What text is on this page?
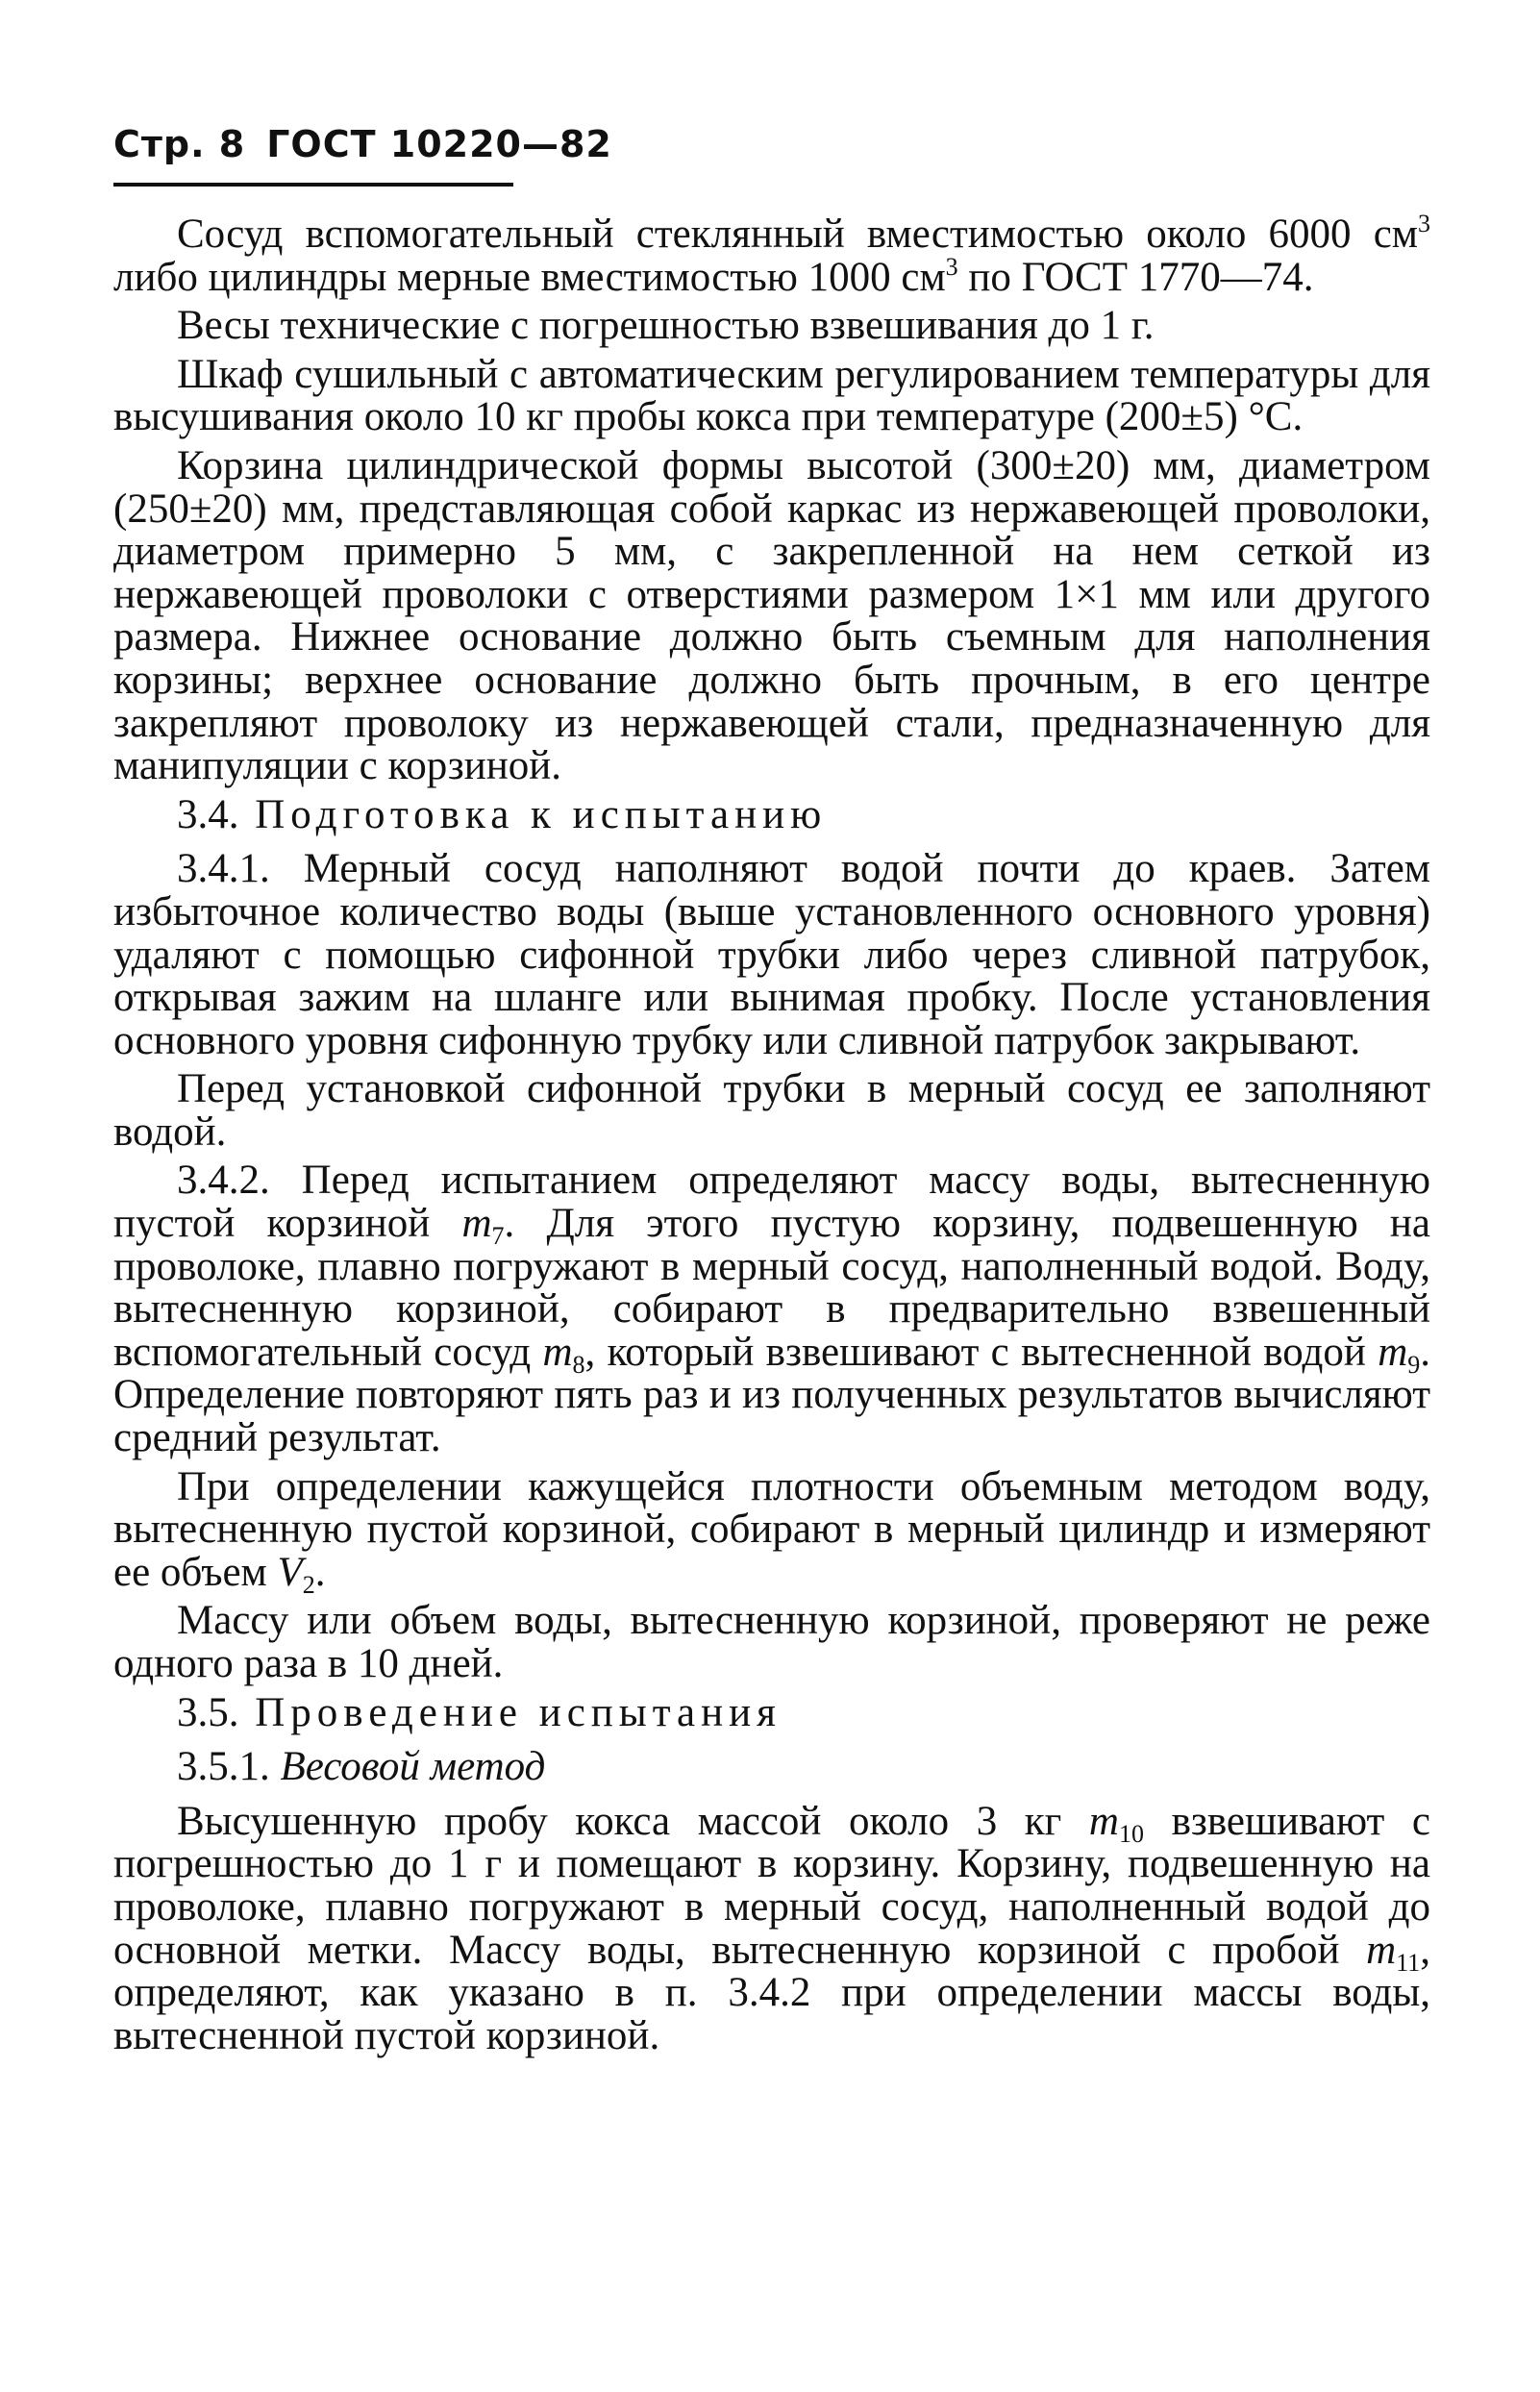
Стр. 8 ГОСТ 10220—82

Сосуд вспомогательный стеклянный вместимостью около 6000 $см^3$ либо цилиндры мерные вместимостью 1000 $см^3$ по ГОСТ 1770—74.

Весы технические с погрешностью взвешивания до 1 г.

Шкаф сушильный с автоматическим регулированием температуры для высушивания около 10 кг пробы кокса при температуре (200±5) °С.

Корзина цилиндрической формы высотой (300±20) мм, диаметром (250±20) мм, представляющая собой каркас из нержавеющей проволоки, диаметром примерно 5 мм, с закрепленной на нем сеткой из нержавеющей проволоки с отверстиями размером 1×1 мм или другого размера. Нижнее основание должно быть съемным для наполнения корзины; верхнее основание должно быть прочным, в его центре закрепляют проволоку из нержавеющей стали, предназначенную для манипуляции с корзиной.

3.4. Подготовка к испытанию

3.4.1. Мерный сосуд наполняют водой почти до краев. Затем избыточное количество воды (выше установленного основного уровня) удаляют с помощью сифонной трубки либо через сливной патрубок, открывая зажим на шланге или вынимая пробку. После установления основного уровня сифонную трубку или сливной патрубок закрывают.

Перед установкой сифонной трубки в мерный сосуд ее заполняют водой.

3.4.2. Перед испытанием определяют массу воды, вытесненную пустой корзиной $m_7$. Для этого пустую корзину, подвешенную на проволоке, плавно погружают в мерный сосуд, наполненный водой. Воду, вытесненную корзиной, собирают в предварительно взвешенный вспомогательный сосуд $m_8$, который взвешивают с вытесненной водой $m_9$. Определение повторяют пять раз и из полученных результатов вычисляют средний результат.

При определении кажущейся плотности объемным методом воду, вытесненную пустой корзиной, собирают в мерный цилиндр и измеряют ее объем $V_2$.

Массу или объем воды, вытесненную корзиной, проверяют не реже одного раза в 10 дней.

3.5. Проведение испытания

3.5.1. Весовой метод

Высушенную пробу кокса массой около 3 кг $m_{10}$ взвешивают с погрешностью до 1 г и помещают в корзину. Корзину, подвешенную на проволоке, плавно погружают в мерный сосуд, наполненный водой до основной метки. Массу воды, вытесненную корзиной с пробой $m_{11}$, определяют, как указано в п. 3.4.2 при определении массы воды, вытесненной пустой корзиной.
